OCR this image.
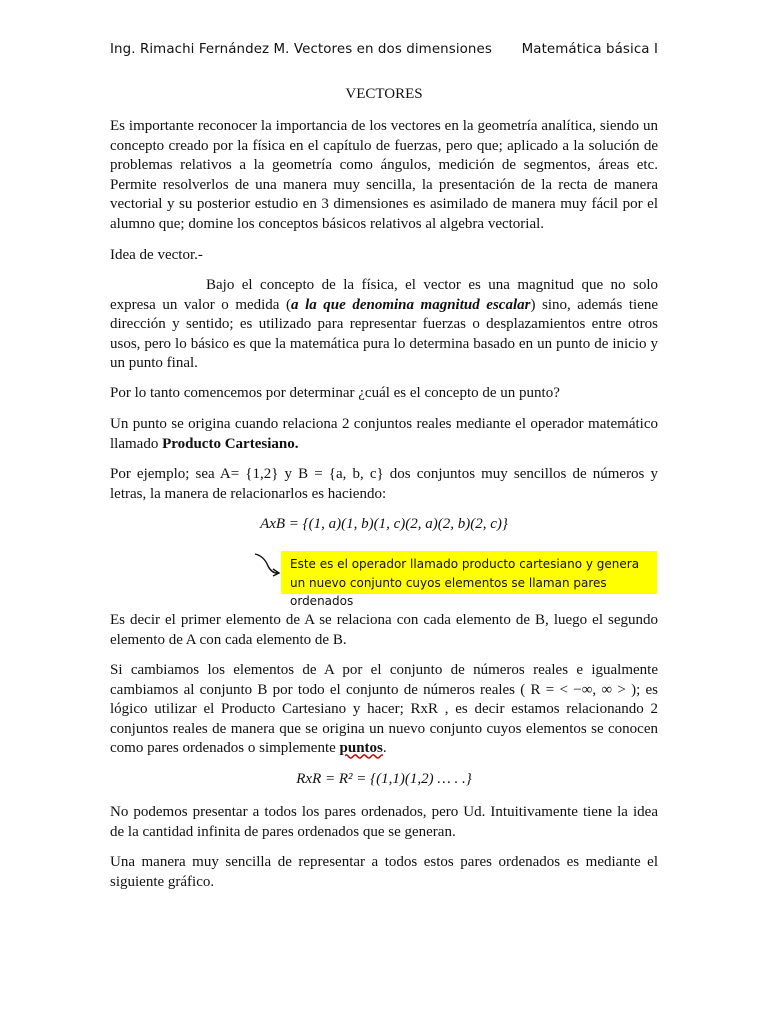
Ing. Rimachi Fernández M. Vectores en dos dimensiones Matemática básica I
VECTORES
Es importante reconocer la importancia de los vectores en la geometría analítica, siendo un concepto creado por la física en el capítulo de fuerzas, pero que; aplicado a la solución de problemas relativos a la geometría como ángulos, medición de segmentos, áreas etc. Permite resolverlos de una manera muy sencilla, la presentación de la recta de manera vectorial y su posterior estudio en 3 dimensiones es asimilado de manera muy fácil por el alumno que; domine los conceptos básicos relativos al algebra vectorial.
Idea de vector.-
Bajo el concepto de la física, el vector es una magnitud que no solo expresa un valor o medida (a la que denomina magnitud escalar) sino, además tiene dirección y sentido; es utilizado para representar fuerzas o desplazamientos entre otros usos, pero lo básico es que la matemática pura lo determina basado en un punto de inicio y un punto final.
Por lo tanto comencemos por determinar ¿cuál es el concepto de un punto?
Un punto se origina cuando relaciona 2 conjuntos reales mediante el operador matemático llamado Producto Cartesiano.
Por ejemplo; sea A= {1,2} y B = {a, b, c} dos conjuntos muy sencillos de números y letras, la manera de relacionarlos es haciendo:
AxB = {(1, a)(1, b)(1, c)(2, a)(2, b)(2, c)}
Es decir el primer elemento de A se relaciona con cada elemento de B, luego el segundo elemento de A con cada elemento de B.
Si cambiamos los elementos de A por el conjunto de números reales e igualmente cambiamos al conjunto B por todo el conjunto de números reales ( R = < −∞, ∞ > ); es lógico utilizar el Producto Cartesiano y hacer; RxR , es decir estamos relacionando 2 conjuntos reales de manera que se origina un nuevo conjunto cuyos elementos se conocen como pares ordenados o simplemente puntos.
RxR = R² = {(1,1)(1,2) … . .}
No podemos presentar a todos los pares ordenados, pero Ud. Intuitivamente tiene la idea de la cantidad infinita de pares ordenados que se generan.
Una manera muy sencilla de representar a todos estos pares ordenados es mediante el siguiente gráfico.
Este es el operador llamado producto cartesiano y genera un nuevo conjunto cuyos elementos se llaman pares ordenados
